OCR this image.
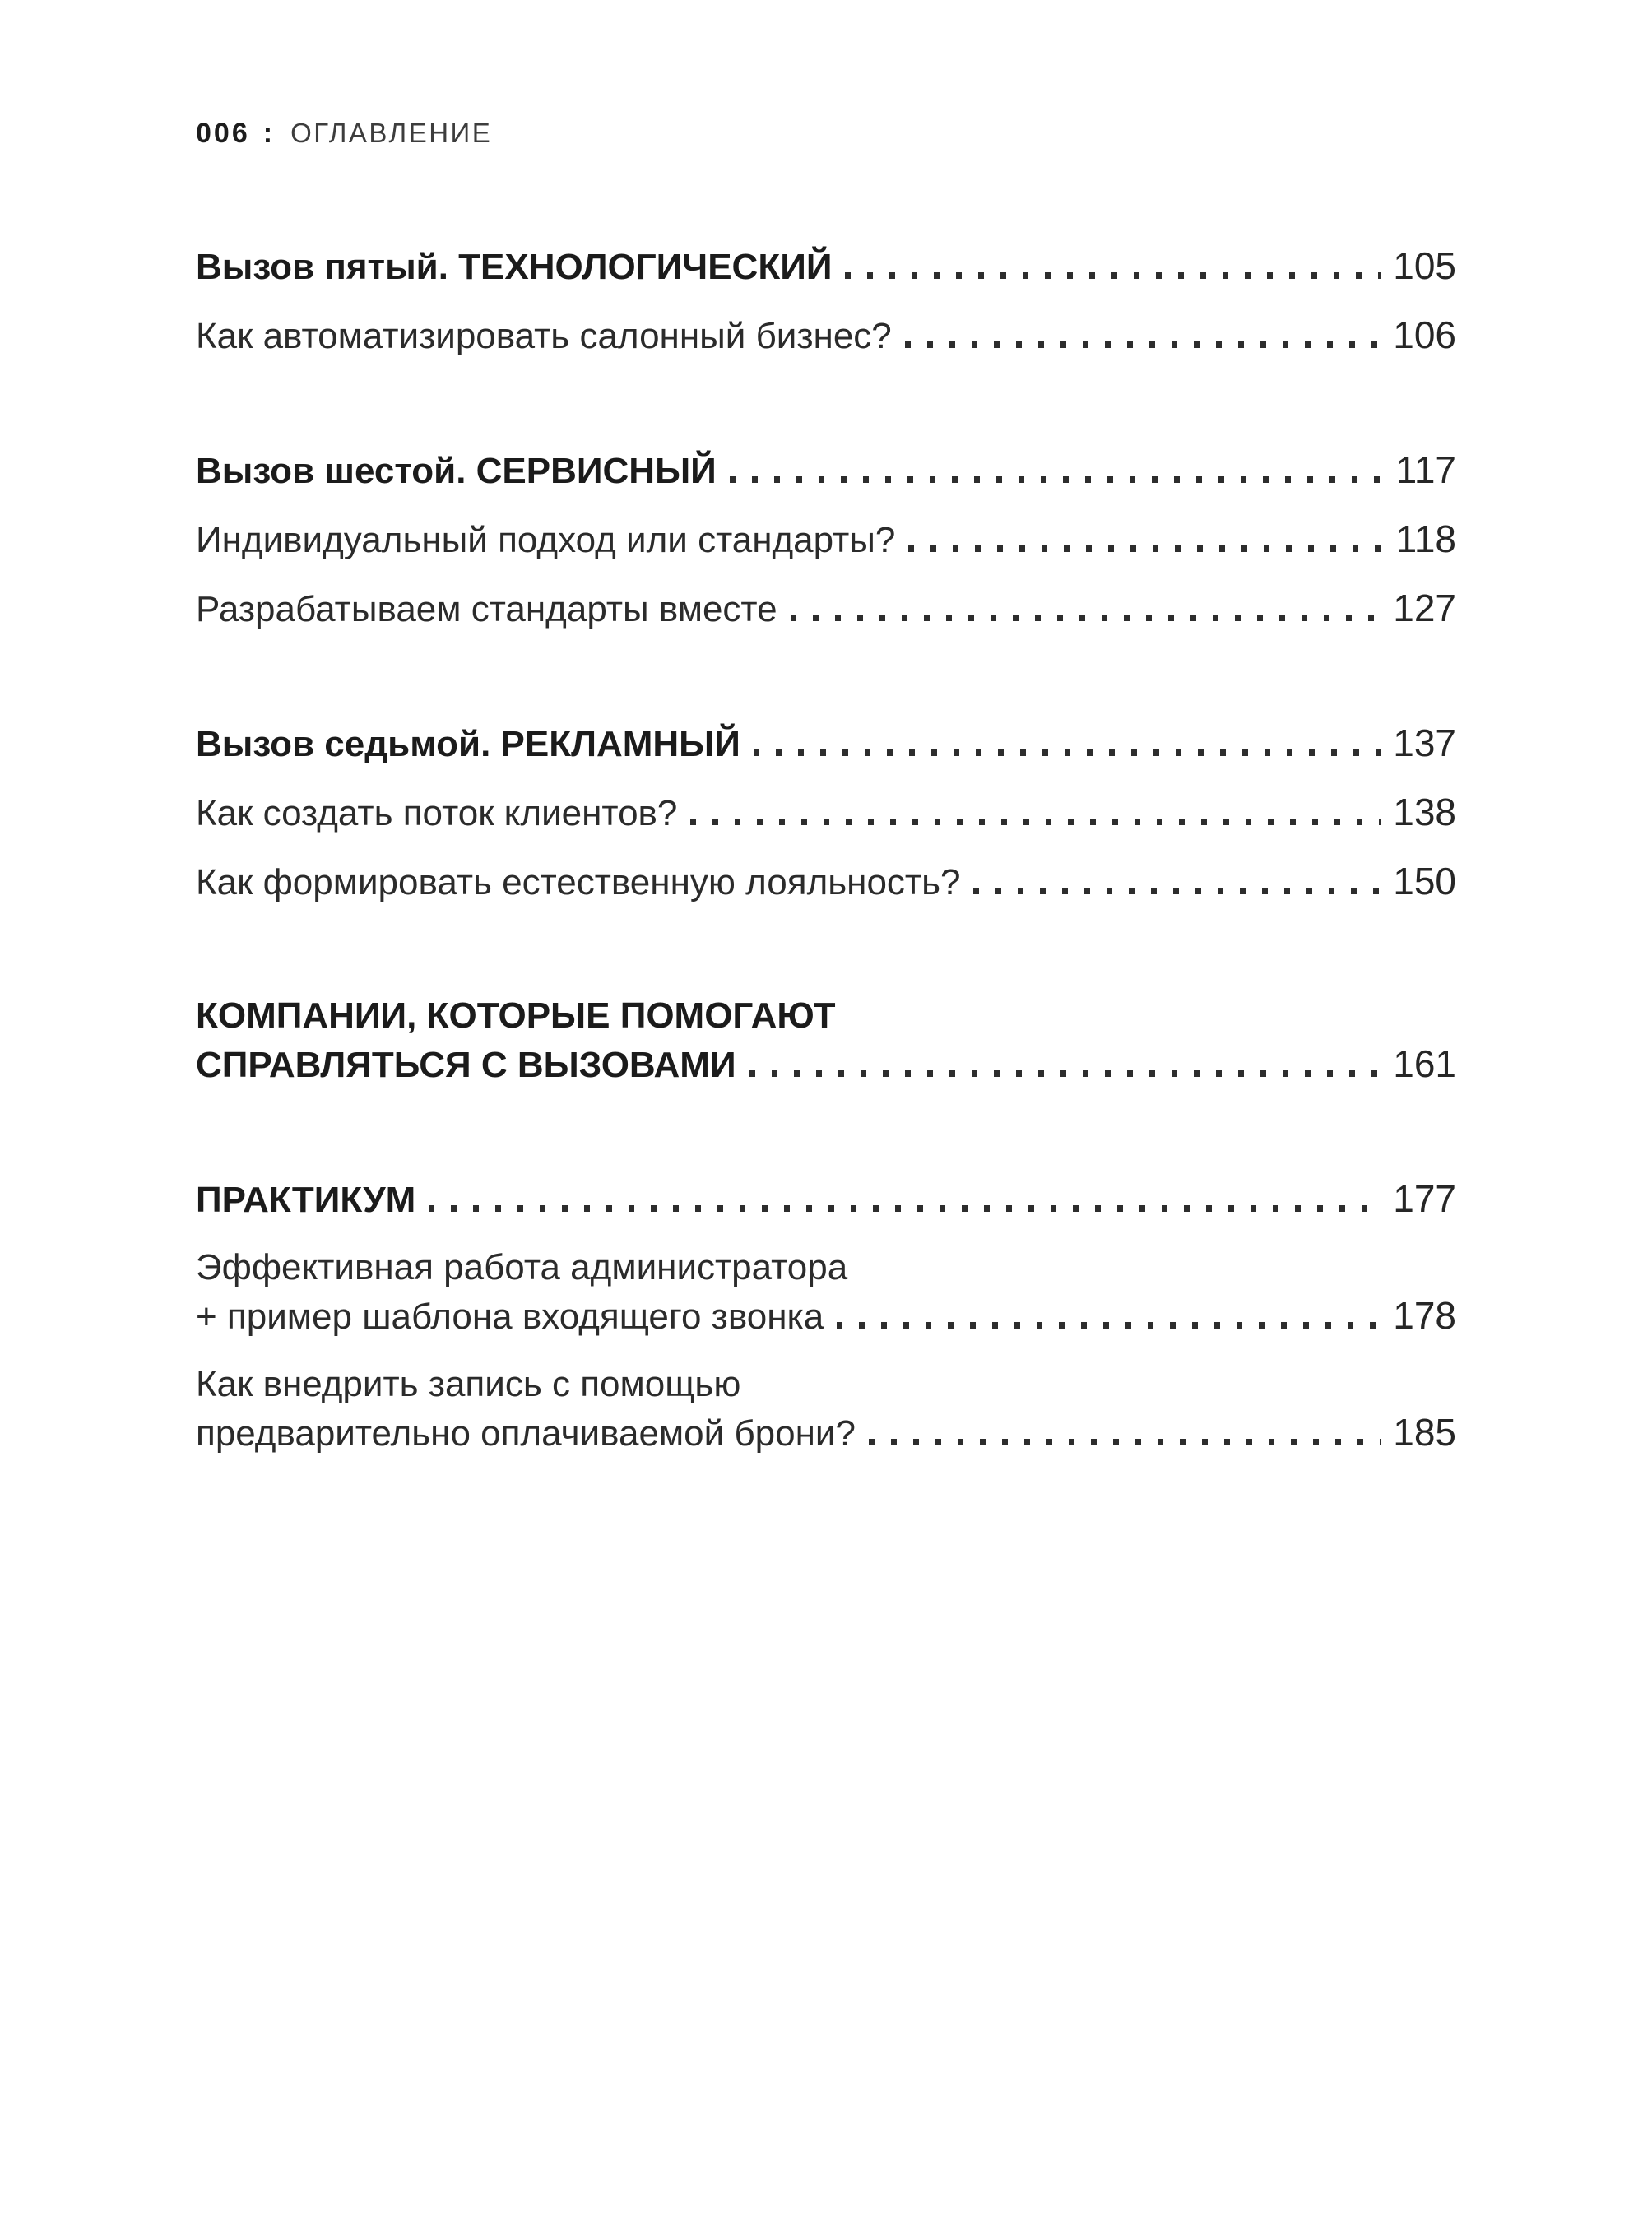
006 : ОГЛАВЛЕНИЕ
Вызов пятый. ТЕХНОЛОГИЧЕСКИЙ	105
Как автоматизировать салонный бизнес?	106
Вызов шестой. СЕРВИСНЫЙ	117
Индивидуальный подход или стандарты?	118
Разрабатываем стандарты вместе	127
Вызов седьмой. РЕКЛАМНЫЙ	137
Как создать поток клиентов?	138
Как формировать естественную лояльность?	150
КОМПАНИИ, КОТОРЫЕ ПОМОГАЮТ
СПРАВЛЯТЬСЯ С ВЫЗОВАМИ	161
ПРАКТИКУМ	177
Эффективная работа администратора
+ пример шаблона входящего звонка	178
Как внедрить запись с помощью
предварительно оплачиваемой брони?	185
